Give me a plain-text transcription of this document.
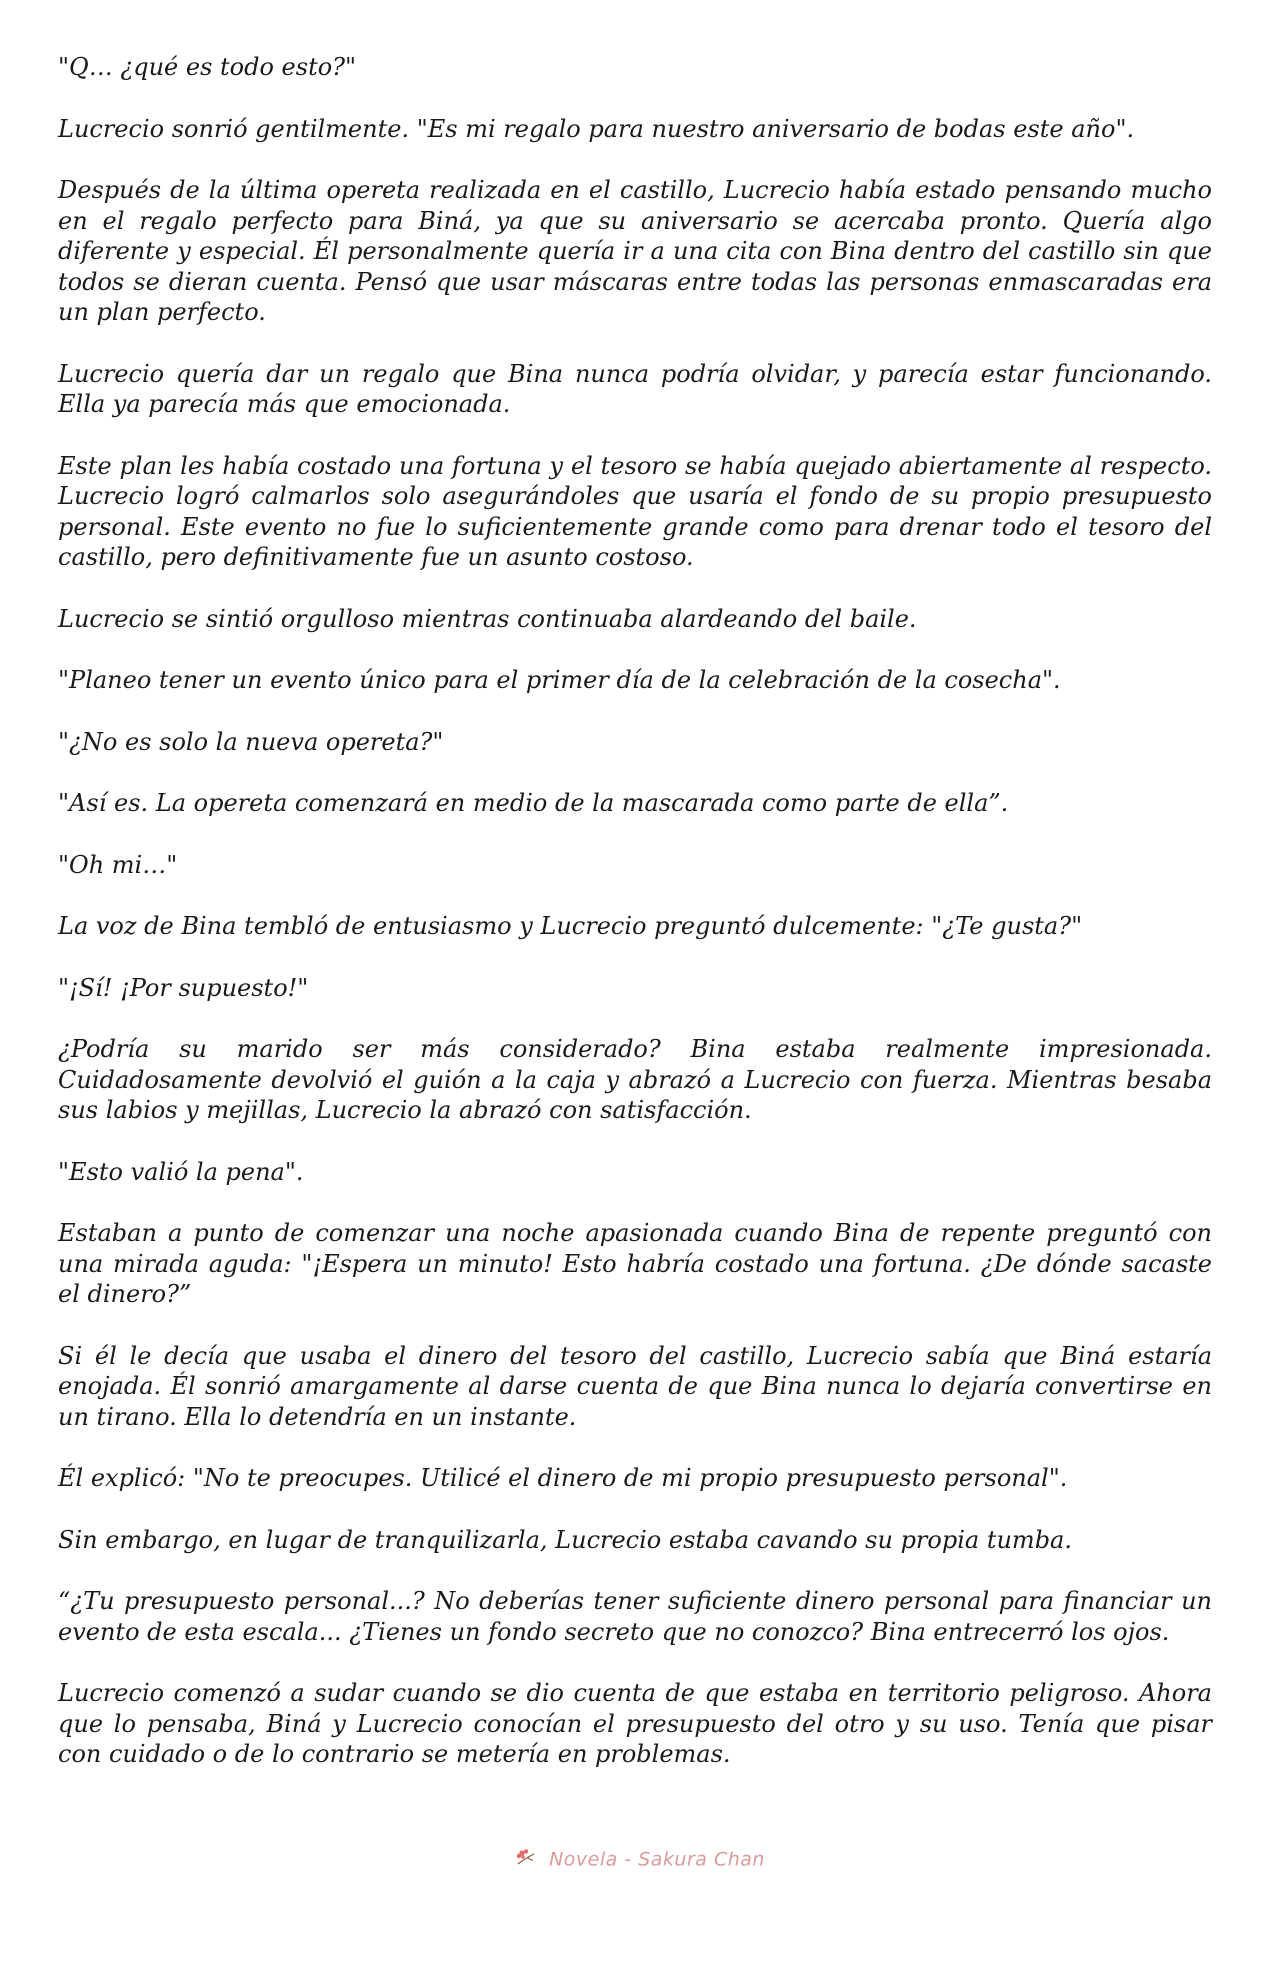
"Q… ¿qué es todo esto?"

Lucrecio sonrió gentilmente. "Es mi regalo para nuestro aniversario de bodas este año".

Después de la última opereta realizada en el castillo, Lucrecio había estado pensando mucho en el regalo perfecto para Biná, ya que su aniversario se acercaba pronto. Quería algo diferente y especial. Él personalmente quería ir a una cita con Bina dentro del castillo sin que todos se dieran cuenta. Pensó que usar máscaras entre todas las personas enmascaradas era un plan perfecto.

Lucrecio quería dar un regalo que Bina nunca podría olvidar, y parecía estar funcionando. Ella ya parecía más que emocionada.

Este plan les había costado una fortuna y el tesoro se había quejado abiertamente al respecto. Lucrecio logró calmarlos solo asegurándoles que usaría el fondo de su propio presupuesto personal. Este evento no fue lo suficientemente grande como para drenar todo el tesoro del castillo, pero definitivamente fue un asunto costoso.

Lucrecio se sintió orgulloso mientras continuaba alardeando del baile.

"Planeo tener un evento único para el primer día de la celebración de la cosecha".

"¿No es solo la nueva opereta?"

"Así es. La opereta comenzará en medio de la mascarada como parte de ella”.

"Oh mi…"

La voz de Bina tembló de entusiasmo y Lucrecio preguntó dulcemente: "¿Te gusta?"

"¡Sí! ¡Por supuesto!"

¿Podría su marido ser más considerado? Bina estaba realmente impresionada. Cuidadosamente devolvió el guión a la caja y abrazó a Lucrecio con fuerza. Mientras besaba sus labios y mejillas, Lucrecio la abrazó con satisfacción.

"Esto valió la pena".

Estaban a punto de comenzar una noche apasionada cuando Bina de repente preguntó con una mirada aguda: "¡Espera un minuto! Esto habría costado una fortuna. ¿De dónde sacaste el dinero?”

Si él le decía que usaba el dinero del tesoro del castillo, Lucrecio sabía que Biná estaría enojada. Él sonrió amargamente al darse cuenta de que Bina nunca lo dejaría convertirse en un tirano. Ella lo detendría en un instante.

Él explicó: "No te preocupes. Utilicé el dinero de mi propio presupuesto personal".

Sin embargo, en lugar de tranquilizarla, Lucrecio estaba cavando su propia tumba.

“¿Tu presupuesto personal...? No deberías tener suficiente dinero personal para financiar un evento de esta escala... ¿Tienes un fondo secreto que no conozco? Bina entrecerró los ojos.

Lucrecio comenzó a sudar cuando se dio cuenta de que estaba en territorio peligroso. Ahora que lo pensaba, Biná y Lucrecio conocían el presupuesto del otro y su uso. Tenía que pisar con cuidado o de lo contrario se metería en problemas.

Novela - Sakura Chan
